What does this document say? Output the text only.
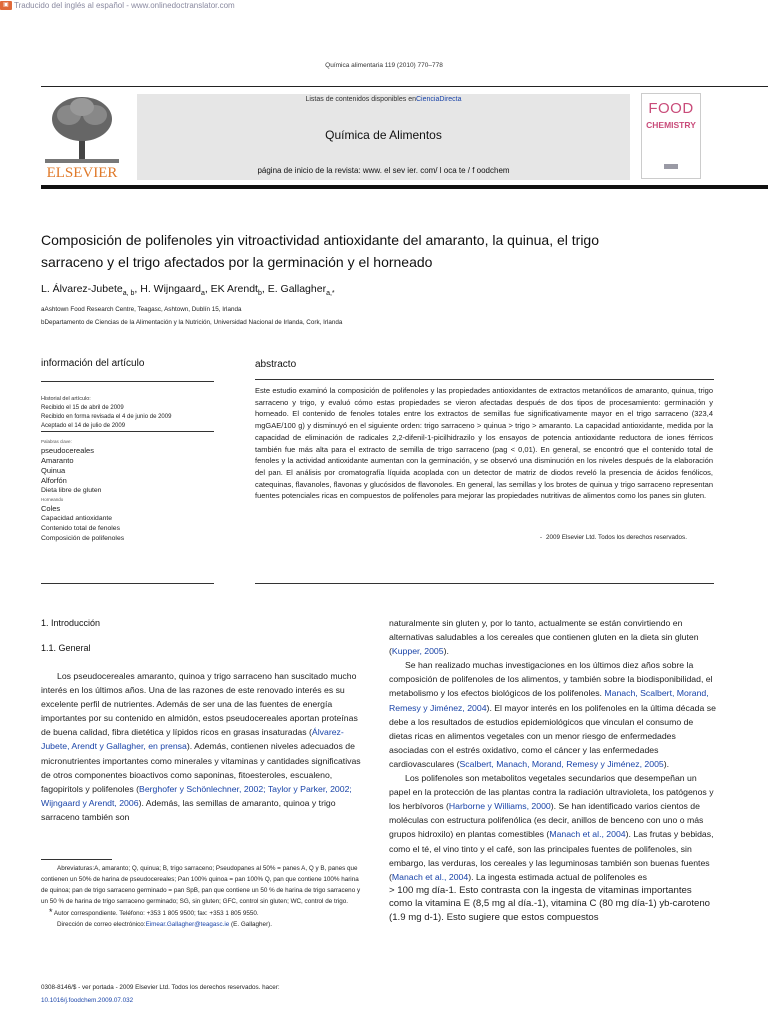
▣ Traducido del inglés al español - www.onlinedoctranslator.com
Química alimentaria 119 (2010) 770–778
ELSEVIER
Listas de contenidos disponibles enCienciaDirecta
Química de Alimentos
página de inicio de la revista: www. el sev ier. com/ l oca te / f oodchem
FOOD
CHEMISTRY
Composición de polifenoles yin vitroactividad antioxidante del amaranto, la quinua, el trigo
sarraceno y el trigo afectados por la germinación y el horneado
L. Álvarez-Jubete$_{a, b}$, H. Wijngaard$_a$, EK Arendt$_b$, E. Gallagher$_{a,*}$
aAshtown Food Research Centre, Teagasc, Ashtown, Dublín 15, Irlanda
bDepartamento de Ciencias de la Alimentación y la Nutrición, Universidad Nacional de Irlanda, Cork, Irlanda
información del artículo
Historial del artículo:
Recibido el 15 de abril de 2009
Recibido en forma revisada el 4 de junio de 2009
Aceptado el 14 de julio de 2009
Palabras clave:
pseudocereales
Amaranto
Quinua
Alforfón
Dieta libre de gluten
Horneando
Coles
Capacidad antioxidante
Contenido total de fenoles
Composición de polifenoles
abstracto
Este estudio examinó la composición de polifenoles y las propiedades antioxidantes de extractos metanólicos de amaranto, quinua, trigo sarraceno y trigo, y evaluó cómo estas propiedades se vieron afectadas después de dos tipos de procesamiento: germinación y horneado. El contenido de fenoles totales entre los extractos de semillas fue significativamente mayor en el trigo sarraceno (323,4 mgGAE/100 g) y disminuyó en el siguiente orden: trigo sarraceno > quinua > trigo > amaranto. La capacidad antioxidante, medida por la capacidad de eliminación de radicales 2,2-difenil-1-picilhidrazilo y los ensayos de potencia antioxidante reductora de iones férricos también fue más alta para el extracto de semilla de trigo sarraceno (pag < 0,01). En general, se encontró que el contenido total de fenoles y la actividad antioxidante aumentan con la germinación, y se observó una disminución en los niveles después de la elaboración del pan. El análisis por cromatografía líquida acoplada con un detector de matriz de diodos reveló la presencia de ácidos fenólicos, catequinas, flavanoles, flavonas y glucósidos de flavonoles. En general, las semillas y los brotes de quinua y trigo sarraceno representan fuentes potenciales ricas en compuestos de polifenoles para mejorar las propiedades nutritivas de alimentos como los panes sin gluten.
- 2009 Elsevier Ltd. Todos los derechos reservados.
1. Introducción
1.1. General

Los pseudocereales amaranto, quinoa y trigo sarraceno han suscitado mucho interés en los últimos años. Una de las razones de este renovado interés es su excelente perfil de nutrientes. Además de ser una de las fuentes de energía importantes por su contenido en almidón, estos pseudocereales aportan proteínas de buena calidad, fibra dietética y lípidos ricos en grasas insaturadas (Álvarez-Jubete, Arendt y Gallagher, en prensa). Además, contienen niveles adecuados de micronutrientes importantes como minerales y vitaminas y cantidades significativas de otros componentes bioactivos como saponinas, fitoesteroles, escualeno, fagopiritols y polifenoles (Berghofer y Schönlechner, 2002; Taylor y Parker, 2002; Wijngaard y Arendt, 2006). Además, las semillas de amaranto, quinoa y trigo sarraceno también son

naturalmente sin gluten y, por lo tanto, actualmente se están convirtiendo en alternativas saludables a los cereales que contienen gluten en la dieta sin gluten (Kupper, 2005).

Se han realizado muchas investigaciones en los últimos diez años sobre la composición de polifenoles de los alimentos, y también sobre la biodisponibilidad, el metabolismo y los efectos biológicos de los polifenoles. Manach, Scalbert, Morand, Remesy y Jiménez, 2004). El mayor interés en los polifenoles en la última década se debe a los resultados de estudios epidemiológicos que vinculan el consumo de dietas ricas en alimentos vegetales con un menor riesgo de enfermedades asociadas con el estrés oxidativo, como el cáncer y las enfermedades cardiovasculares (Scalbert, Manach, Morand, Remesy y Jiménez, 2005).

Los polifenoles son metabolitos vegetales secundarios que desempeñan un papel en la protección de las plantas contra la radiación ultravioleta, los patógenos y los herbívoros (Harborne y Williams, 2000). Se han identificado varios cientos de moléculas con estructura polifenólica (es decir, anillos de benceno con uno o más grupos hidroxilo) en plantas comestibles (Manach et al., 2004). Las frutas y bebidas, como el té, el vino tinto y el café, son las principales fuentes de polifenoles, sin embargo, las verduras, los cereales y las leguminosas también son buenas fuentes (Manach et al., 2004). La ingesta estimada actual de polifenoles es

> 100 mg día-1. Esto contrasta con la ingesta de vitaminas importantes como la vitamina E (8,5 mg al día.-1), vitamina C (80 mg día-1) yb-caroteno (1.9 mg d-1). Esto sugiere que estos compuestos

Abreviaturas:A, amaranto; Q, quinua; B, trigo sarraceno; Pseudopanes al 50% = panes A, Q y B, panes que contienen un 50% de harina de pseudocereales; Pan 100% quinoa = pan 100% Q, pan que contiene 100% harina de quinoa; pan de trigo sarraceno germinado = pan SpB, pan que contiene un 50 % de harina de trigo sarraceno y un 50 % de harina de trigo sarraceno germinado; SG, sin gluten; GFC, control sin gluten; WC, control de trigo.
* Autor correspondiente. Teléfono: +353 1 805 9500; fax: +353 1 805 9550.
Dirección de correo electrónico:Eimear.Gallagher@teagasc.ie (E. Gallagher).
0308-8146/$ - ver portada - 2009 Elsevier Ltd. Todos los derechos reservados. hacer:
10.1016/j.foodchem.2009.07.032
